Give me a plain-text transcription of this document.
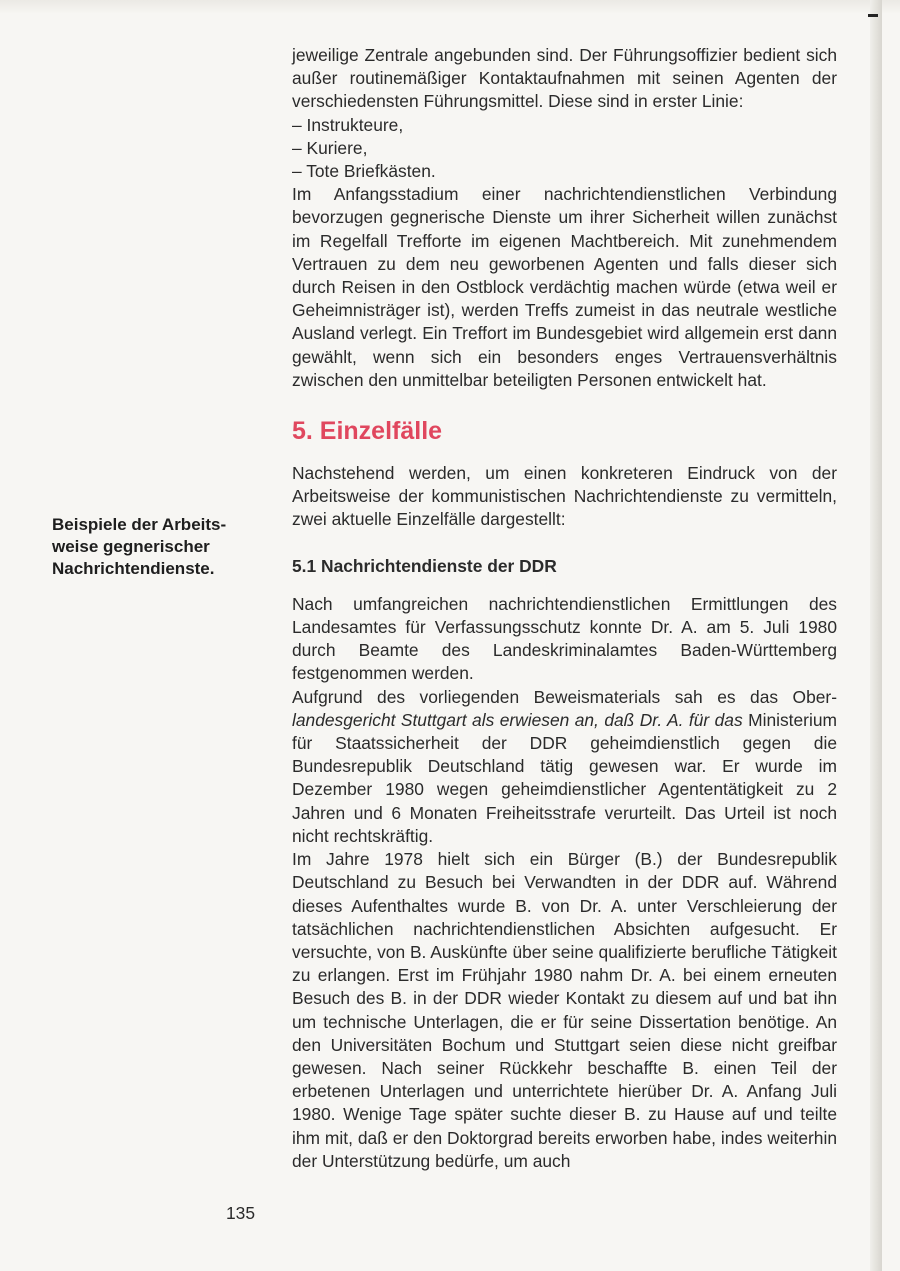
Beispiele der Arbeits-weise gegnerischer Nachrichtendienste.

jeweilige Zentrale angebunden sind. Der Führungsoffizier bedient sich außer routinemäßiger Kontaktaufnahmen mit seinen Agenten der verschiedensten Führungsmittel. Diese sind in erster Linie:

– Instrukteure,
– Kuriere,
– Tote Briefkästen.

Im Anfangsstadium einer nachrichtendienstlichen Verbindung bevorzugen gegnerische Dienste um ihrer Sicherheit willen zunächst im Regelfall Trefforte im eigenen Machtbereich. Mit zunehmendem Vertrauen zu dem neu geworbenen Agenten und falls dieser sich durch Reisen in den Ostblock verdächtig machen würde (etwa weil er Geheimnisträger ist), werden Treffs zumeist in das neutrale westliche Ausland verlegt. Ein Treffort im Bundesgebiet wird allgemein erst dann gewählt, wenn sich ein besonders enges Vertrauensverhältnis zwischen den unmittelbar beteiligten Personen entwickelt hat.

5. Einzelfälle

Nachstehend werden, um einen konkreteren Eindruck von der Arbeitsweise der kommunistischen Nachrichtendienste zu vermitteln, zwei aktuelle Einzelfälle dargestellt:

5.1 Nachrichtendienste der DDR

Nach umfangreichen nachrichtendienstlichen Ermittlungen des Landesamtes für Verfassungsschutz konnte Dr. A. am 5. Juli 1980 durch Beamte des Landeskriminalamtes Baden-Württemberg festgenommen werden.

Aufgrund des vorliegenden Beweismaterials sah es das Ober- landesgericht Stuttgart als erwiesen an, daß Dr. A. für das Ministerium für Staatssicherheit der DDR geheimdienstlich gegen die Bundesrepublik Deutschland tätig gewesen war. Er wurde im Dezember 1980 wegen geheimdienstlicher Agententätigkeit zu 2 Jahren und 6 Monaten Freiheitsstrafe verurteilt. Das Urteil ist noch nicht rechtskräftig.

Im Jahre 1978 hielt sich ein Bürger (B.) der Bundesrepublik Deutschland zu Besuch bei Verwandten in der DDR auf. Während dieses Aufenthaltes wurde B. von Dr. A. unter Verschleierung der tatsächlichen nachrichtendienstlichen Absichten aufgesucht. Er versuchte, von B. Auskünfte über seine qualifizierte berufliche Tätigkeit zu erlangen. Erst im Frühjahr 1980 nahm Dr. A. bei einem erneuten Besuch des B. in der DDR wieder Kontakt zu diesem auf und bat ihn um technische Unterlagen, die er für seine Dissertation benötige. An den Universitäten Bochum und Stuttgart seien diese nicht greifbar gewesen. Nach seiner Rückkehr beschaffte B. einen Teil der erbetenen Unterlagen und unterrichtete hierüber Dr. A. Anfang Juli 1980. Wenige Tage später suchte dieser B. zu Hause auf und teilte ihm mit, daß er den Doktorgrad bereits erworben habe, indes weiterhin der Unterstützung bedürfe, um auch

135
